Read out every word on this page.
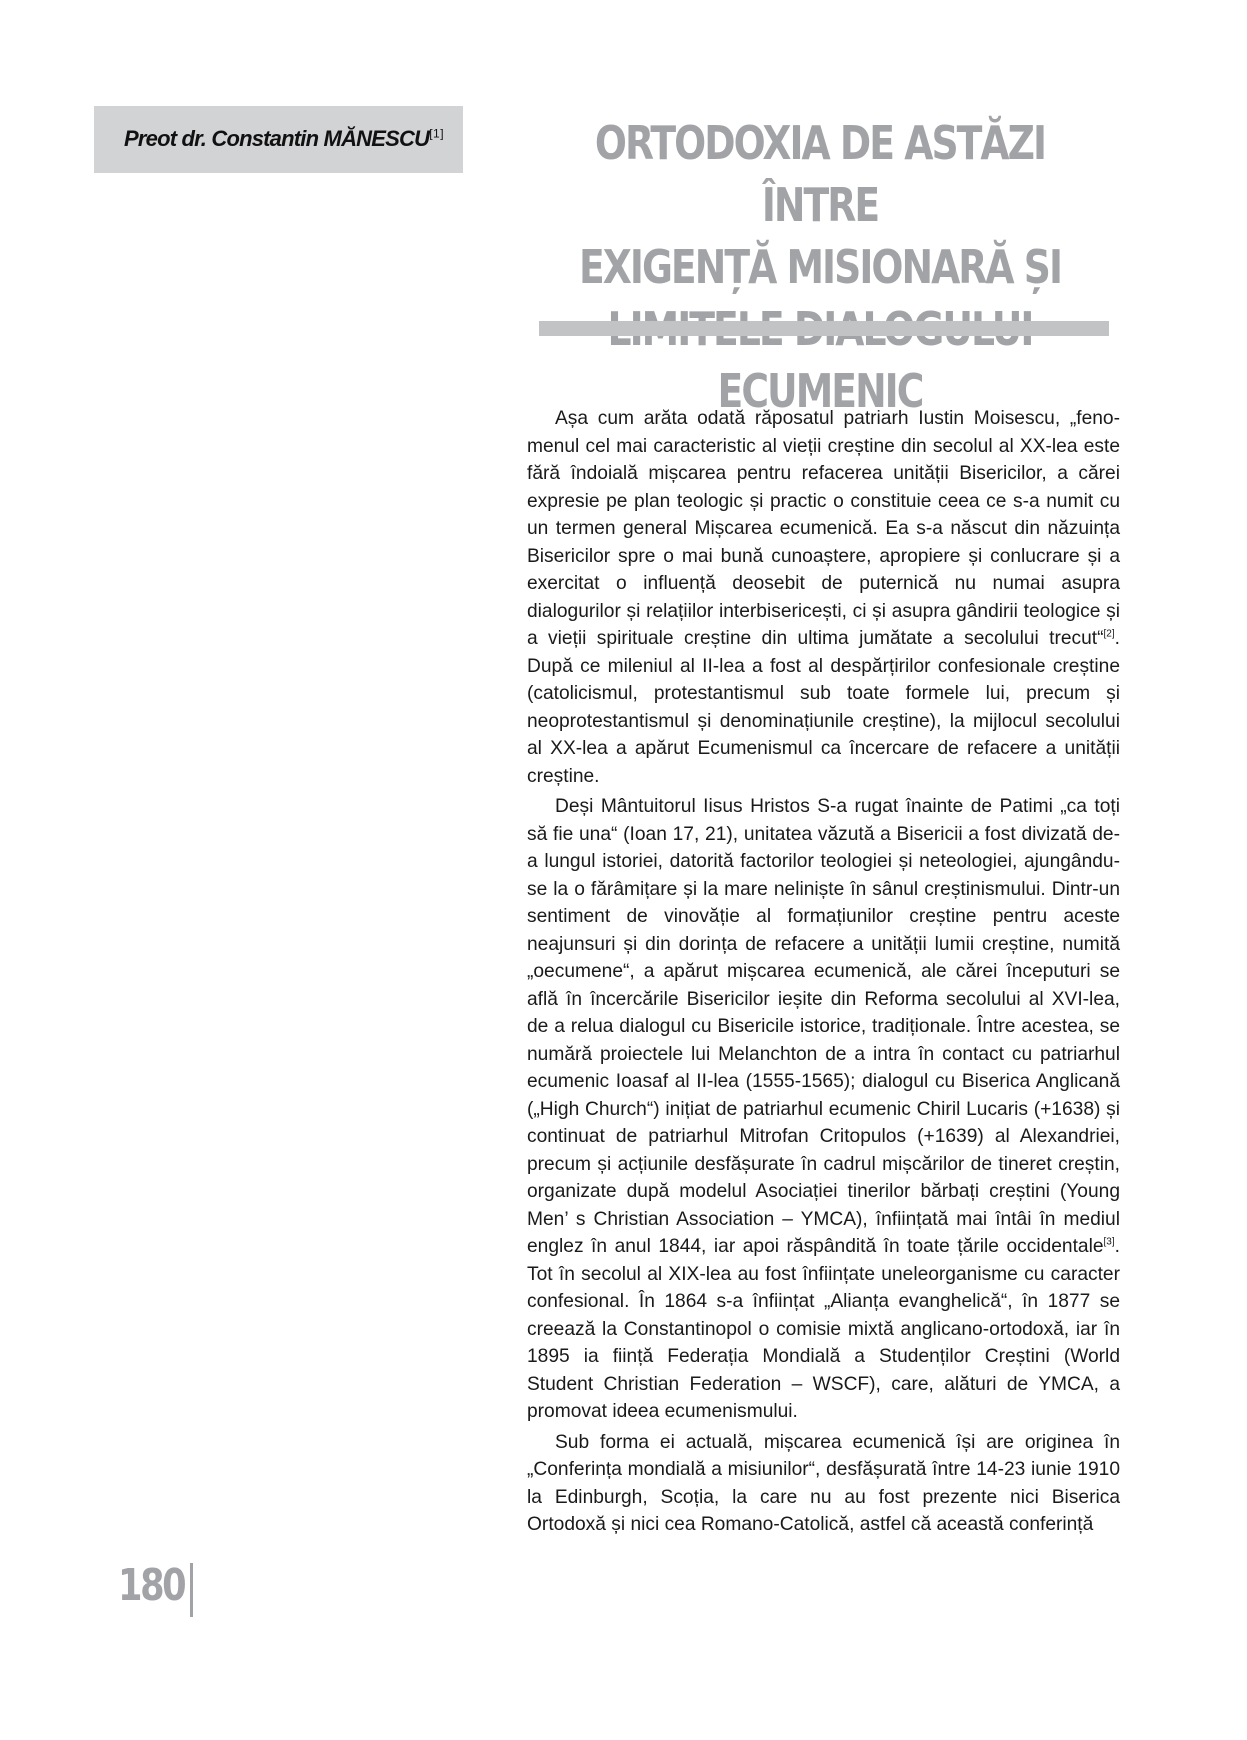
Preot dr. Constantin MĂNESCU[1]	ORTODOXIA DE ASTĂZI ÎNTRE
EXIGENȚĂ MISIONARĂ ȘI
ECUMENIC

Așa cum arăta odată răposatul patriarh Iustin Moisescu, „fenomenul cel mai caracteristic al vieții creștine din secolul al XX-lea este fără îndoială mișcarea pentru refacerea unității Bisericilor, a cărei expresie pe plan teologic și practic o constituie ceea ce s-a numit cu un termen general Mișcarea ecumenică. Ea s-a născut din năzuința Bisericilor spre o mai bună cunoaștere, apropiere și conlucrare și a exercitat o influență deosebit de puternică nu numai asupra dialogurilor și relațiilor interbisericești, ci și asupra gândirii teologice și a vieții spirituale creștine din ultima jumătate a secolului trecut“[2]. După ce mileniul al II-lea a fost al despărțirilor confesionale creștine (catolicismul, protestantismul sub toate formele lui, precum și neoprotestantismul și denominațiunile creștine), la mijlocul secolului al XX-lea a apărut Ecumenismul ca încercare de refacere a unității creștine.

Deși Mântuitorul Iisus Hristos S-a rugat înainte de Patimi „ca toți să fie una“ (Ioan 17, 21), unitatea văzută a Bisericii a fost divizată de-a lungul istoriei, datorită factorilor teologiei și neteologiei, ajungându-se la o fărâmițare și la mare neliniște în sânul creștinismului. Dintr-un sentiment de vinovăție al formațiunilor creștine pentru aceste neajunsuri și din dorința de refacere a unității lumii creștine, numită „oecumene“, a apărut mișcarea ecumenică, ale cărei începuturi se află în încercările Bisericilor ieșite din Reforma secolului al XVI-lea, de a relua dialogul cu Bisericile istorice, tradiționale. Între acestea, se numără proiectele lui Melanchton de a intra în contact cu patriarhul ecumenic Ioasaf al II-lea (1555-1565); dialogul cu Biserica Anglicană („High Church“) inițiat de patriarhul ecumenic Chiril Lucaris (+1638) și continuat de patriarhul Mitrofan Critopulos (+1639) al Alexandriei, precum și acțiunile desfășurate în cadrul mișcărilor de tineret creștin, organizate după modelul Asociației tinerilor bărbați creștini (Young Men’ s Christian Association – YMCA), înființată mai întâi în mediul englez în anul 1844, iar apoi răspândită în toate țările occidentale[3]. Tot în secolul al XIX-lea au fost înființate uneleorganisme cu caracter confesional. În 1864 s-a înființat „Alianța evanghelică“, în 1877 se creează la Constantinopol o comisie mixtă anglicano-ortodoxă, iar în 1895 ia ființă Federația Mondială a Studenților Creștini (World Student Christian Federation – WSCF), care, alături de YMCA, a promovat ideea ecumenismului.

Sub forma ei actuală, mișcarea ecumenică își are originea în „Conferința mondială a misiunilor“, desfășurată între 14-23 iunie 1910 la Edinburgh, Scoția, la care nu au fost prezente nici Biserica Ortodoxă și nici cea Romano-Catolică, astfel că această conferință

180
